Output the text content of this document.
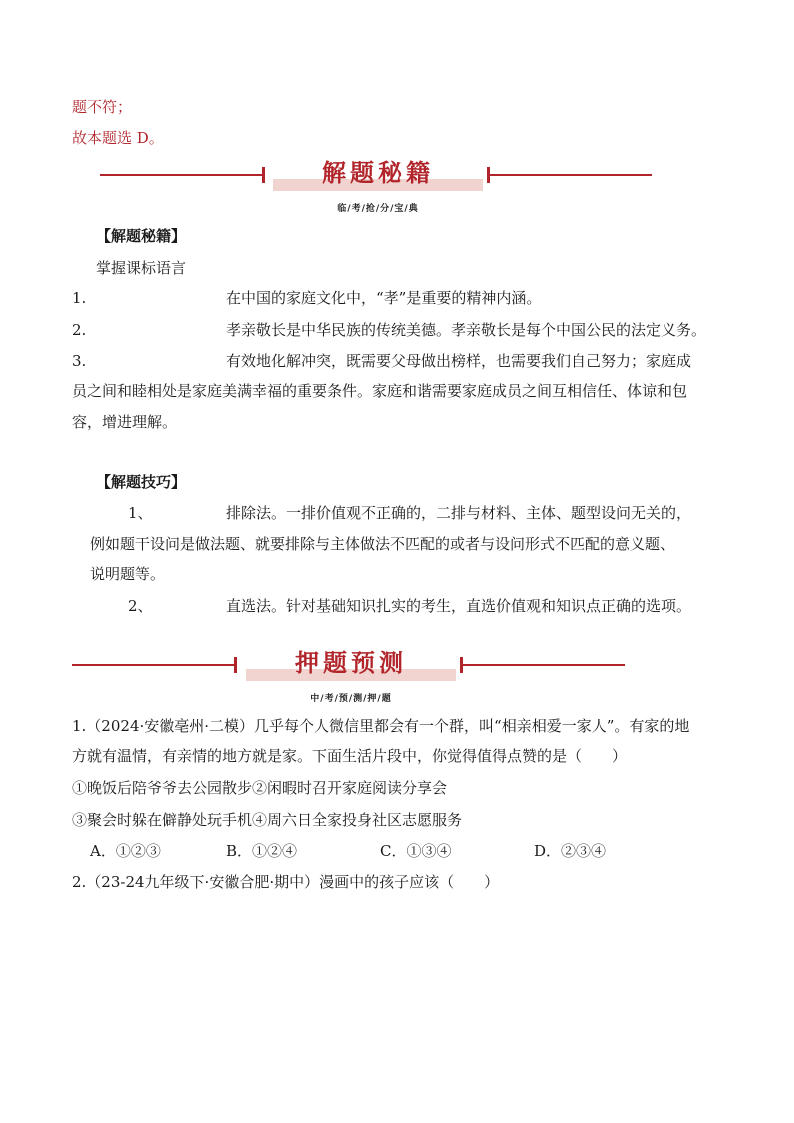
题不符；
故本题选 D。
解题秘籍
临/考/抢/分/宝/典
【解题秘籍】
掌握课标语言
1.	在中国的家庭文化中，“孝”是重要的精神内涵。
2.	孝亲敬长是中华民族的传统美德。孝亲敬长是每个中国公民的法定义务。
3.	有效地化解冲突，既需要父母做出榜样，也需要我们自己努力；家庭成
员之间和睦相处是家庭美满幸福的重要条件。家庭和谐需要家庭成员之间互相信任、体谅和包
容，增进理解。
【解题技巧】
1、	排除法。一排价值观不正确的，二排与材料、主体、题型设问无关的，
例如题干设问是做法题、就要排除与主体做法不匹配的或者与设问形式不匹配的意义题、
说明题等。
2、	直选法。针对基础知识扎实的考生，直选价值观和知识点正确的选项。
押题预测
中/考/预/测/押/题
1.（2024·安徽亳州·二模）几乎每个人微信里都会有一个群，叫“相亲相爱一家人”。有家的地
方就有温情，有亲情的地方就是家。下面生活片段中，你觉得值得点赞的是（　　）
①晚饭后陪爷爷去公园散步②闲暇时召开家庭阅读分享会
③聚会时躲在僻静处玩手机④周六日全家投身社区志愿服务
A．①②③	B．①②④	C．①③④	D．②③④
2.（23-24九年级下·安徽合肥·期中）漫画中的孩子应该（　　）
